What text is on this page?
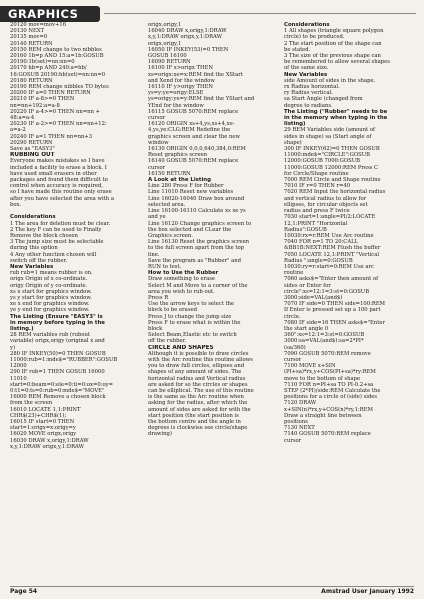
GRAPHICS
20120 mov=mov+16
20130 NEXT
20135 mov=0
20140 RETURN
20150 REM change to two nibbles
20160 1b=p AND 15:a=1b:GOSUB
20190:1b(set)=nn:nn=0
20170 hb=p AND 240:a=hb/
16:GOSUB 20190:hb(set)=nn:nn=0
20180 RETURN
20190 REM change nibbles TO bytes
20200 IF a=0 THEN RETURN
20210 IF a-8>=0 THEN
nn=nn+192:a=a-8
20220 IF a-4>=0 THEN nn=nn +
48:a=a-4
20230 IF a-2>=0 THEN nn=nn+12:
a=a-2
20240 IF a=1 THEN nn=nn+3
20290 RETURN
Save as "EASY3"
RUBBING OUT
Everyone makes mistakes so I have
included a facility to erase a block. I
have used small erasers in other
packages and found them difficult to
control when accuracy is required,
so I have made this routine only erase
after you have selected the area with a
box.

Considerations
1 The area for deletion must be clear.
2 The key F can be used to Finally
Remove the block chosen
3 The jump size must be selectable
during this option
4 Any other function chosen will
switch off the rubber.
New Variables
rub rub=1 means rubber is on.
origx Origin of x co-ordinate.
origy Origin of y co-ordinate.
xs x start for graphics window.
ys y start for graphics window.
xe x end for graphics window.
ye y end for graphics window.
The Listing (Ensure "EASY3" is
in memory before typing in the
listing.)
28 REM variables rub (rubout
variable) origx,origy (original x and
y)
280 IF INKEY(50)=0 THEN GOSUB
11000:rub=1:mde$="RUBBER":GOSUB
12000
290 IF rub=1 THEN GOSUB 16000
11010
start=0:beam=0:ele=0:ti=0:ox=0:oy=
0:t1=0:ts=0:rub=0:mde$="MOVE"
16000 REM Remove a chosen block
from the screen
16010 LOCATE 1,1:PRINT
CHR$(23)+CHR$(1);
16015 IF start=0 THEN
start=1:origx=x:origy=y
16020 MOVE origx,origy
16030 DRAW x,origy,1:DRAW
x,y,1:DRAW origx,y,1:DRAW
origx,origy,1
16040 DRAW x,origy,1:DRAW
x,y,1:DRAW origx,y,1:DRAW
origx,origy,1
16050 IF INKEY(53)=0 THEN
GOSUB 16100
16090 RETURN
16100 IF x>origx THEN
xs=origx:xe=x:REM find the XStart
and Xend for the window
16110 IF y>origy THEN
ys=y:ye=origy:ELSE
ys=origy:ye=y:REM find the YStart and
YEnd for the window
16115 GOSUB 5070:REM replace
cursor
16120 ORIGIN xs+4,ys,xs+4,xe-
4,ys,ye:CLG:REM Redefine the
graphics screen and clear the new
window
16130 ORIGIN 0,0,0,640,384,0:REM
Reset graphics screen
16140 GOSUB 5070:REM replace
cursor
16150 RETURN
A Look at the Listing
Line 280 Press F for Rubber
Line 11010 Reset new variables
Line 16020-16040 Draw box around
selected area.
Line 16100-16110 Calculate xs xe ys
and ye
Line 16120 Change graphics screen to
the box selected and CLear the
Graphics screen.
Line 16130 Reset the graphics screen
to the full screen apart from the top
line.
Save the program as "Rubber" and
RUN to test.
How to Use the Rubber
Draw something to erase
Select M and Move to a corner of the
area you wish to rub out.
Press R
Use the arrow keys to select the
block to be erased
Press J to change the jump size
Press F to erase what is within the
block
Select Beam,Elastic etc to switch
off the rubber.
CIRCLE AND SHAPES
Although it is possible to draw circles
with the Arc routine this routine allows
you to draw full circles, ellipses and
shapes of any amount of sides. The
horizontal radius and Vertical radius
are asked for so the circles or shapes
can be elliptical. The use of this routine
is the same as the Arc routine when
asking for the radius, after which the
amount of sides are asked for with the
start position (the start position is
the bottom centre and the angle in
degrees is clockwise see circle/shape
drawing)
Considerations
1 All shapes (triangle square polygon
circle) to be produced.
2 The start position of the shape can
be stated.
3 The size of the previous shape can
be remembered to allow several shapes
of the same size.
New Variables
side Amount of sides in the shape.
rx Radius horizontal.
ry Radius vertical.
sa Start Angle (changed from
degree to radians.
The Listing ("Rubber" needs to be
in the memory when typing in the
listing)
29 REM Variables side (amount of
sides in shape) sa (Start angle of
shape)
300 IF INKEY(62)=0 THEN GOSUB
11000:mde$="CIRCLE":GOSUB
12000:GOSUB 7000:GOSUB
11000:GOSUB 12000:REM Press C
for Circle/Shape routine
7000 REM Circle and Shape routine
7010 IF r=0 THEN r=40
7020 REM Input the horizontal radius
and vertical radius to allow for
ellipses, for circular objects set
radius and press F twice
7030 start=1:angle=PI/2:LOCATE
12,1:PRINT "Horizontal
Radius":GOSUB
10030:rx=r:REM Use Arc routine
7040 FOR n=1 TO 20:CALL
&BB1B:NEXT:REM Flush the buffer
7050 LOCATE 12,1:PRINT "Vertical
Radius ":angle=0:GOSUB
10030:ry=r:start=0:REM Use arc
routine
7060 asks$="Enter then amount of
sides or Enter for
circle":xs=12:1=3:st=0:GOSUB
3000:side=VAL(and$)
7070 IF side=0 THEN side=100:REM
If Enter is pressed set up a 100 part
circle.
7080 IF side=16 THEN asks$="Enter
the start angle 0
360":xs=12:1=3:st=0:GOSUB
3000:sa=VAL(and$):sa=2*PI*
(sa/360)
7090 GOSUB 5070:REM remove
cursor
7100 MOVE x+SIN
(PI+sa)*rx,y+COS(PI+sa)*ry:REM
move to the bottom of shape
7110 FOR n=PI+sa TO PI-0.2+sa
STEP (2*PI)/side:REM Calculate the
positions for a circle of (side) sides
7120 DRAW
x+SIN(n)*rx,y+COS(n)*ry,1:REM
Draw a straight line between
positions
7130 NEXT
7140 GOSUB 5070:REM replace
cursor
Page 54	Amstrad User January 1992
